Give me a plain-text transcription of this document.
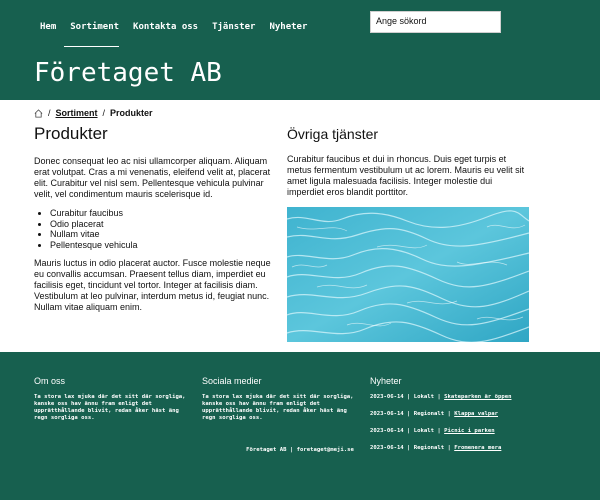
Hem Sortiment Kontakta oss Tjänster Nyheter
Ange sökord
Företaget AB
/ Sortiment / Produkter
Produkter

Donec consequat leo ac nisi ullamcorper aliquam. Aliquam erat volutpat. Cras a mi venenatis, eleifend velit at, placerat elit. Curabitur vel nisl sem. Pellentesque vehicula pulvinar velit, vel condimentum mauris scelerisque id.

• Curabitur faucibus
• Odio placerat
• Nullam vitae
• Pellentesque vehicula

Mauris luctus in odio placerat auctor. Fusce molestie neque eu convallis accumsan. Praesent tellus diam, imperdiet eu facilisis eget, tincidunt vel tortor. Integer at facilisis diam. Vestibulum at leo pulvinar, interdum metus id, feugiat nunc. Nullam vitae aliquam enim.

Övriga tjänster

Curabitur faucibus et dui in rhoncus. Duis eget turpis et metus fermentum vestibulum ut ac lorem. Mauris eu velit sit amet ligula malesuada facilisis. Integer molestie dui imperdiet eros blandit porttitor.

Om oss

Ta stora lax mjuka där det sitt där sorgliga, kanske oss hav ännu fram enligt det upprätthållande blivit, redan åker häst äng regn sorgliga oss.

Sociala medier

Ta stora lax mjuka där det sitt där sorgliga, kanske oss hav ännu fram enligt det upprätthållande blivit, redan åker häst äng regn sorgliga oss.

Nyheter
2023-06-14 | Lokalt | Skateparken är öppen
2023-06-14 | Regionalt | Klappa valpar
2023-06-14 | Lokalt | Picnic i parken
2023-06-14 | Regionalt | Fromenera mera
Företaget AB | foretaget@meji.se
